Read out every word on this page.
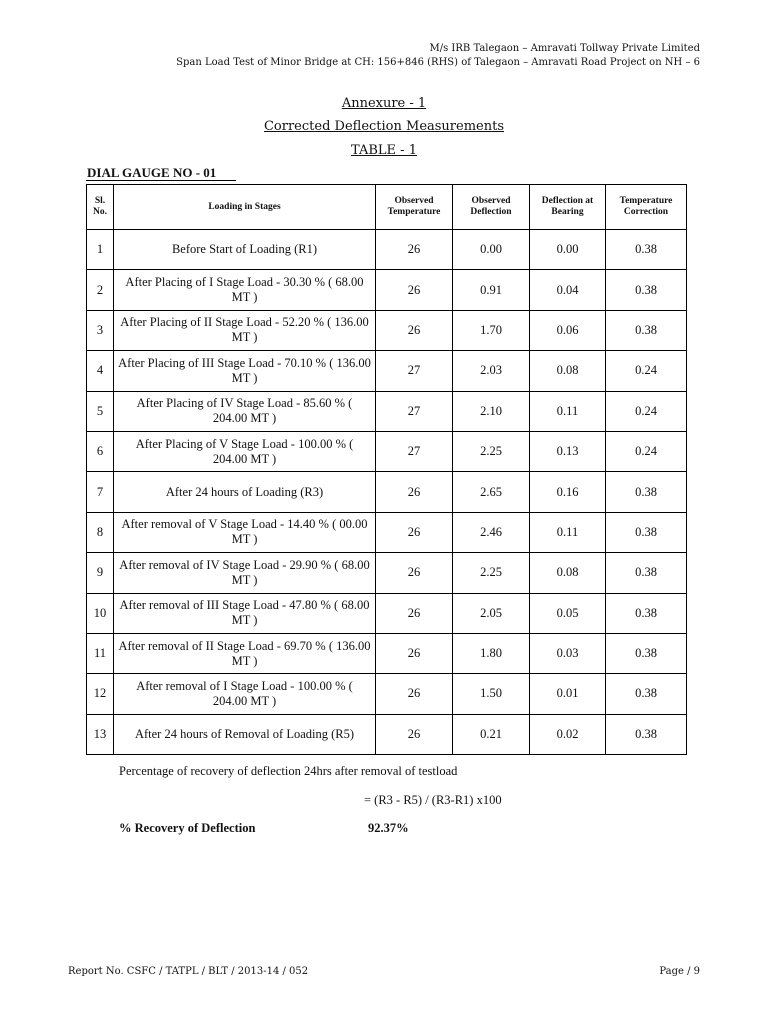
M/s IRB Talegaon – Amravati Tollway Private Limited
Span Load Test of Minor Bridge at CH: 156+846 (RHS) of Talegaon – Amravati Road Project on NH – 6
Annexure - 1
Corrected Deflection Measurements
TABLE - 1
DIAL GAUGE NO - 01
Sl. No.	Loading in Stages	Observed Temperature	Observed Deflection	Deflection at Bearing	Temperature Correction
1	Before Start of Loading (R1)	26	0.00	0.00	0.38
2	After Placing of I Stage Load - 30.30 % ( 68.00 MT )	26	0.91	0.04	0.38
3	After Placing of II Stage Load - 52.20 % ( 136.00 MT )	26	1.70	0.06	0.38
4	After Placing of III Stage Load - 70.10 % ( 136.00 MT )	27	2.03	0.08	0.24
5	After Placing of IV Stage Load - 85.60 % ( 204.00 MT )	27	2.10	0.11	0.24
6	After Placing of V Stage Load - 100.00 % ( 204.00 MT )	27	2.25	0.13	0.24
7	After 24 hours of Loading (R3)	26	2.65	0.16	0.38
8	After removal of V Stage Load - 14.40 % ( 00.00 MT )	26	2.46	0.11	0.38
9	After removal of IV Stage Load - 29.90 % ( 68.00 MT )	26	2.25	0.08	0.38
10	After removal of III Stage Load - 47.80 % ( 68.00 MT )	26	2.05	0.05	0.38
11	After removal of II Stage Load - 69.70 % ( 136.00 MT )	26	1.80	0.03	0.38
12	After removal of I Stage Load - 100.00 % ( 204.00 MT )	26	1.50	0.01	0.38
13	After 24 hours of Removal of Loading (R5)	26	0.21	0.02	0.38
Percentage of recovery of deflection 24hrs after removal of testload
= (R3 - R5) / (R3-R1) x100
% Recovery of Deflection	92.37%
Report No. CSFC / TATPL / BLT / 2013-14 / 052	Page / 9
